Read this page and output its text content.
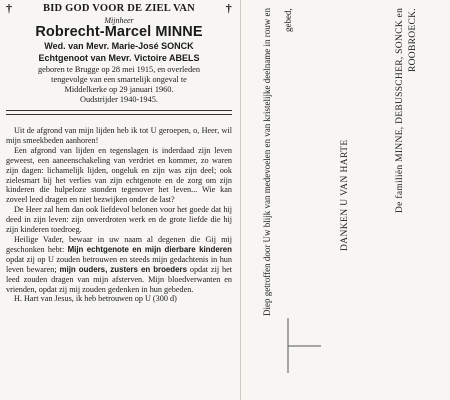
†	BID GOD VOOR DE ZIEL VAN	†
Mijnheer
Robrecht-Marcel MINNE
Wed. van Mevr. Marie-José SONCK
Echtgenoot van Mevr. Victoire ABELS
geboren te Brugge op 28 mei 1915, en overleden
tengevolge van een smartelijk ongeval te
Middelkerke op 29 januari 1960.
Oudstrijder 1940-1945.

Uit de afgrond van mijn lijden heb ik tot U geroepen, o, Heer, wil mijn smeekbeden aanhoren!

Een afgrond van lijden en tegenslagen is inderdaad zijn leven geweest, een aaneenschakeling van verdriet en kommer, zo waren zijn dagen: lichamelijk lijden, ongeluk en zijn was zijn deel; ook zielesmart bij het verlies van zijn echtgenote en de zorg om zijn kinderen die hulpeloze stonden tegenover het leven... Wie kan zoveel leed dragen en niet bezwijken onder de last?

De Heer zal hem dan ook liefdevol belonen voor het goede dat hij deed in zijn leven: zijn onverdroten werk en de grote liefde die hij zijn kinderen toedroeg.

Heilige Vader, bewaar in uw naam al degenen die Gij mij geschonken hebt: Mijn echtgenote en mijn dierbare kinderen opdat zij op U zouden betrouwen en steeds mijn gedachtenis in hun leven bewaren; mijn ouders, zusters en broeders opdat zij het leed zouden dragen van mijn afsterven. Mijn bloedverwanten en vrienden, opdat zij mij zouden gedenken in hun gebeden.

H. Hart van Jesus, ik heb betrouwen op U (300 d)	Diep getroffen door Uw blijk van medevoelen en van kristelijke deelname in rouw en gebed,
DANKEN U VAN HARTE	De familiën MINNE, DEBUSSCHER, SONCK en ROOBROECK.
